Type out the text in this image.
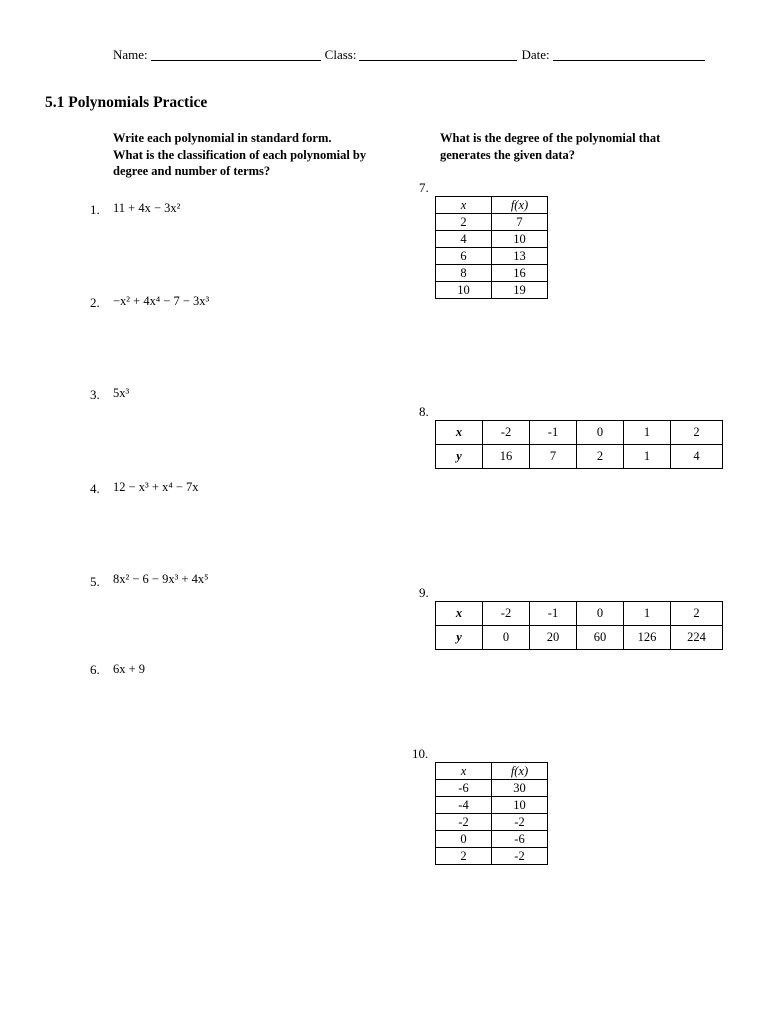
Name:	Class:	Date:
5.1 Polynomials Practice
Write each polynomial in standard form.
What is the classification of each polynomial by
degree and number of terms?
What is the degree of the polynomial that
generates the given data?
1. 11 + 4x − 3x²
2. −x² + 4x⁴ − 7 − 3x³
3. 5x³
4. 12 − x³ + x⁴ − 7x
5. 8x² − 6 − 9x³ + 4x⁵
6. 6x + 9
7.
x	f(x)
2	7
4	10
6	13
8	16
10	19
8.
x	-2	-1	0	1	2
y	16	7	2	1	4
9.
x	-2	-1	0	1	2
y	0	20	60	126	224
10.
x	f(x)
-6	30
-4	10
-2	-2
0	-6
2	-2
